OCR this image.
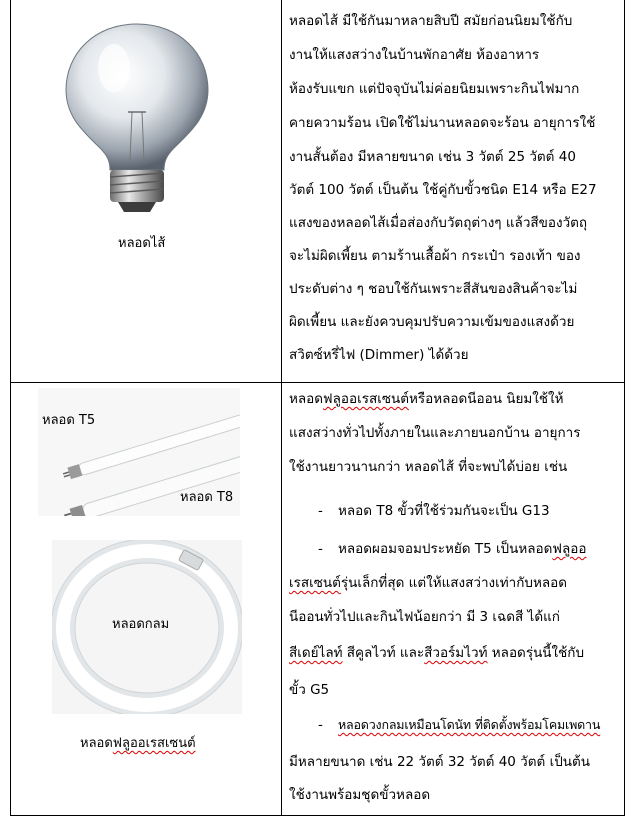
หลอดไส้
หลอดไส้ มีใช้กันมาหลายสิบปี สมัยก่อนนิยมใช้กับ
งานให้แสงสว่างในบ้านพักอาศัย ห้องอาหาร
ห้องรับแขก แต่ปัจจุบันไม่ค่อยนิยมเพราะกินไฟมาก
คายความร้อน เปิดใช้ไม่นานหลอดจะร้อน อายุการใช้
งานสั้นต้อง มีหลายขนาด เช่น 3 วัตต์ 25 วัตต์ 40
วัตต์ 100 วัตต์ เป็นต้น ใช้คู่กับขั้วชนิด E14 หรือ E27
แสงของหลอดไส้เมื่อส่องกับวัตถุต่างๆ แล้วสีของวัตถุ
จะไม่ผิดเพี้ยน ตามร้านเสื้อผ้า กระเป๋า รองเท้า ของ
ประดับต่าง ๆ ชอบใช้กันเพราะสีสันของสินค้าจะไม่
ผิดเพี้ยน และยังควบคุมปรับความเข้มของแสงด้วย
สวิตซ์หรี่ไฟ (Dimmer) ได้ด้วย
หลอด T5
หลอด T8
หลอดกลม
หลอดฟลูออเรสเซนต์
หลอดฟลูออเรสเซนต์หรือหลอดนีออน นิยมใช้ให้
แสงสว่างทั่วไปทั้งภายในและภายนอกบ้าน อายุการ
ใช้งานยาวนานกว่า หลอดไส้ ที่จะพบได้บ่อย เช่น
- หลอด T8 ขั้วที่ใช้ร่วมกันจะเป็น G13
- หลอดผอมจอมประหยัด T5 เป็นหลอดฟลูออ
เรสเซนต์รุ่นเล็กที่สุด แต่ให้แสงสว่างเท่ากับหลอด
นีออนทั่วไปและกินไฟน้อยกว่า มี 3 เฉดสี ได้แก่
สีเดย์ไลท์ สีคูลไวท์ และสีวอร์มไวท์ หลอดรุ่นนี้ใช้กับ
ขั้ว G5
- หลอดวงกลมเหมือนโดนัท ที่ติดตั้งพร้อมโคมเพดาน
มีหลายขนาด เช่น 22 วัตต์ 32 วัตต์ 40 วัตต์ เป็นต้น
ใช้งานพร้อมชุดขั้วหลอด
